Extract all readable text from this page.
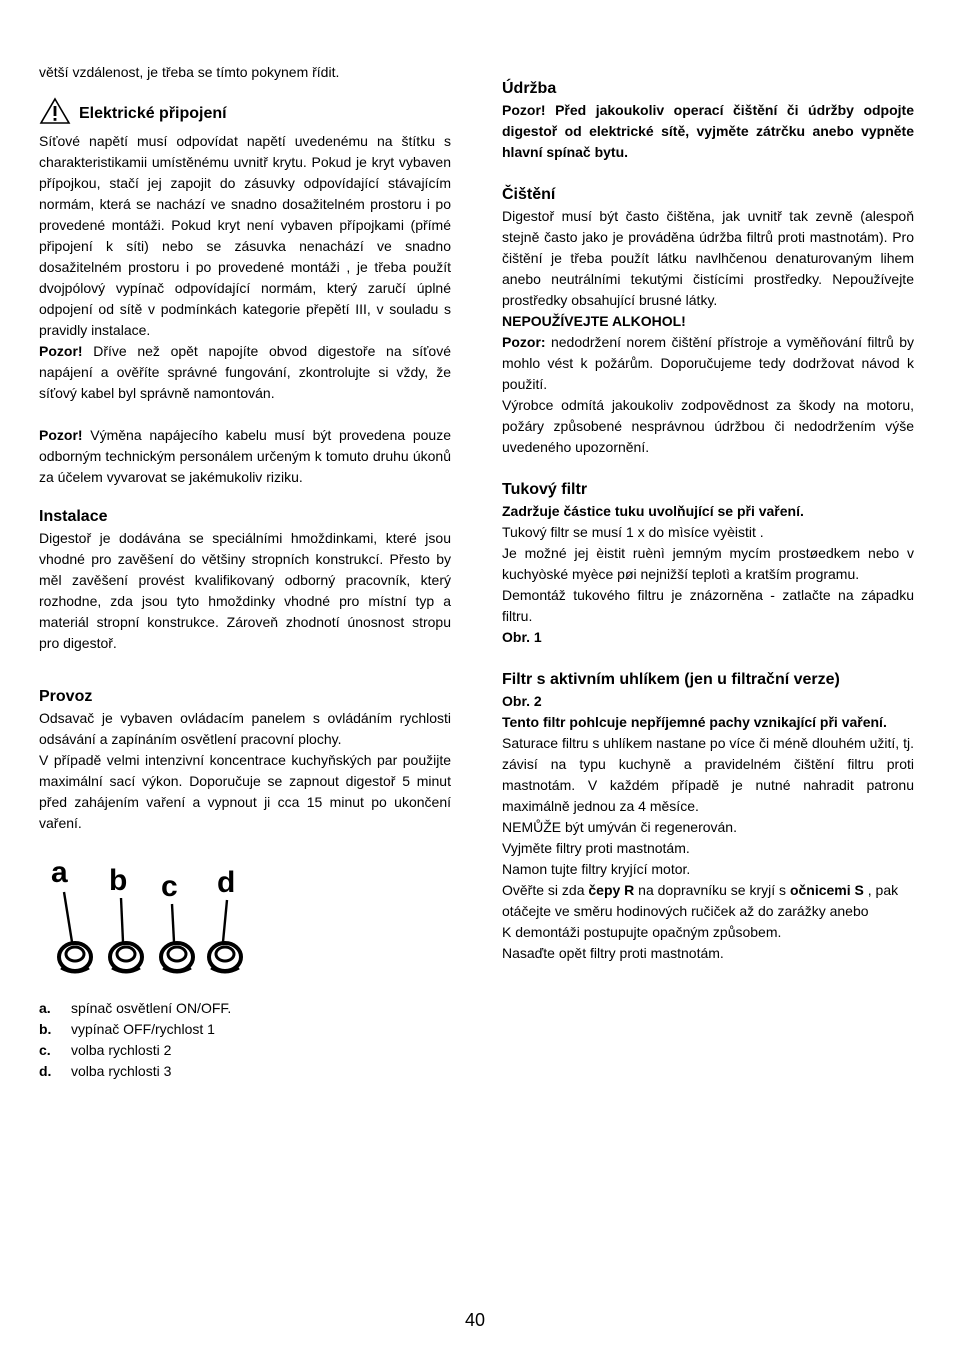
větší vzdálenost, je třeba se tímto pokynem řídit.

Elektrické připojení

Síťové napětí musí odpovídat napětí uvedenému na štítku s charakteristikamii umístěnému uvnitř krytu. Pokud je kryt vybaven přípojkou, stačí jej zapojit do zásuvky odpovídající stávajícím normám, která se nachází ve snadno dosažitelném prostoru i po provedené montáži. Pokud kryt není vybaven přípojkami (přímé připojení k síti) nebo se zásuvka nenachází ve snadno dosažitelném prostoru i po provedené montáži , je třeba použít dvojpólový vypínač odpovídající normám, který zaručí úplné odpojení od sítě v podmínkách kategorie přepětí III, v souladu s pravidly instalace.

Pozor! Dříve než opět napojíte obvod digestoře na síťové napájení a ověříte správné fungování, zkontrolujte si vždy, že síťový kabel byl správně namontován.

Pozor! Výměna napájecího kabelu musí být provedena pouze odborným technickým personálem určeným k tomuto druhu úkonů za účelem vyvarovat se jakémukoliv riziku.

Instalace

Digestoř je dodávána se speciálními hmoždinkami, které jsou vhodné pro zavěšení do většiny stropních konstrukcí. Přesto by měl zavěšení provést kvalifikovaný odborný pracovník, který rozhodne, zda jsou tyto hmoždinky vhodné pro místní typ a materiál stropní konstrukce. Zároveň zhodnotí únosnost stropu pro digestoř.

Provoz

Odsavač je vybaven ovládacím panelem s ovládáním rychlosti odsávání a zapínáním osvětlení pracovní plochy.

V případě velmi intenzivní koncentrace kuchyňských par použijte maximální sací výkon. Doporučuje se zapnout digestoř 5 minut před zahájením vaření a vypnout ji cca 15 minut po ukončení vaření.

a b c d
a.	spínač osvětlení ON/OFF.
b.	vypínač OFF/rychlost 1
c.	volba rychlosti 2
d.	volba rychlosti 3
Údržba

Pozor! Před jakoukoliv operací čištění či údržby odpojte digestoř od elektrické sítě, vyjměte zátrčku anebo vypněte hlavní spínač bytu.

Čištění

Digestoř musí být často čištěna, jak uvnitř tak zevně (alespoň stejně často jako je prováděna údržba filtrů proti mastnotám). Pro čištění je třeba použít látku navlhčenou denaturovaným lihem anebo neutrálními tekutými čistícími prostředky. Nepoužívejte prostředky obsahující brusné látky.

NEPOUŽÍVEJTE ALKOHOL!

Pozor: nedodržení norem čištění přístroje a vyměňování filtrů by mohlo vést k požárům. Doporučujeme tedy dodržovat návod k použití.

Výrobce odmítá jakoukoliv zodpovědnost za škody na motoru, požáry způsobené nesprávnou údržbou či nedodržením výše uvedeného upozornění.

Tukový filtr

Zadržuje částice tuku uvolňující se při vaření.

Tukový filtr se musí 1 x do mìsíce vyèistit .

Je možné jej èistit ruènì jemným mycím prostøedkem nebo v kuchyòské myèce pøi nejnižší teplotì a kratším programu.

Demontáž tukového filtru je znázorněna - zatlačte na západku filtru.

Obr. 1

Filtr s aktivním uhlíkem (jen u filtrační verze)

Obr. 2

Tento filtr pohlcuje nepříjemné pachy vznikající při vaření.

Saturace filtru s uhlíkem nastane po více či méně dlouhém užití, tj. závisí na typu kuchyně a pravidelném čištění filtru proti mastnotám. V každém případě je nutné nahradit patronu maximálně jednou za 4 měsíce.

NEMŮŽE být umýván či regenerován.

Vyjměte filtry proti mastnotám.

Namon tujte filtry kryjící motor.

Ověřte si zda čepy R na dopravníku se kryjí s očnicemi S , pak otáčejte ve směru hodinových ručiček až do zarážky anebo

K demontáži postupujte opačným způsobem.

Nasaďte opět filtry proti mastnotám.

40
